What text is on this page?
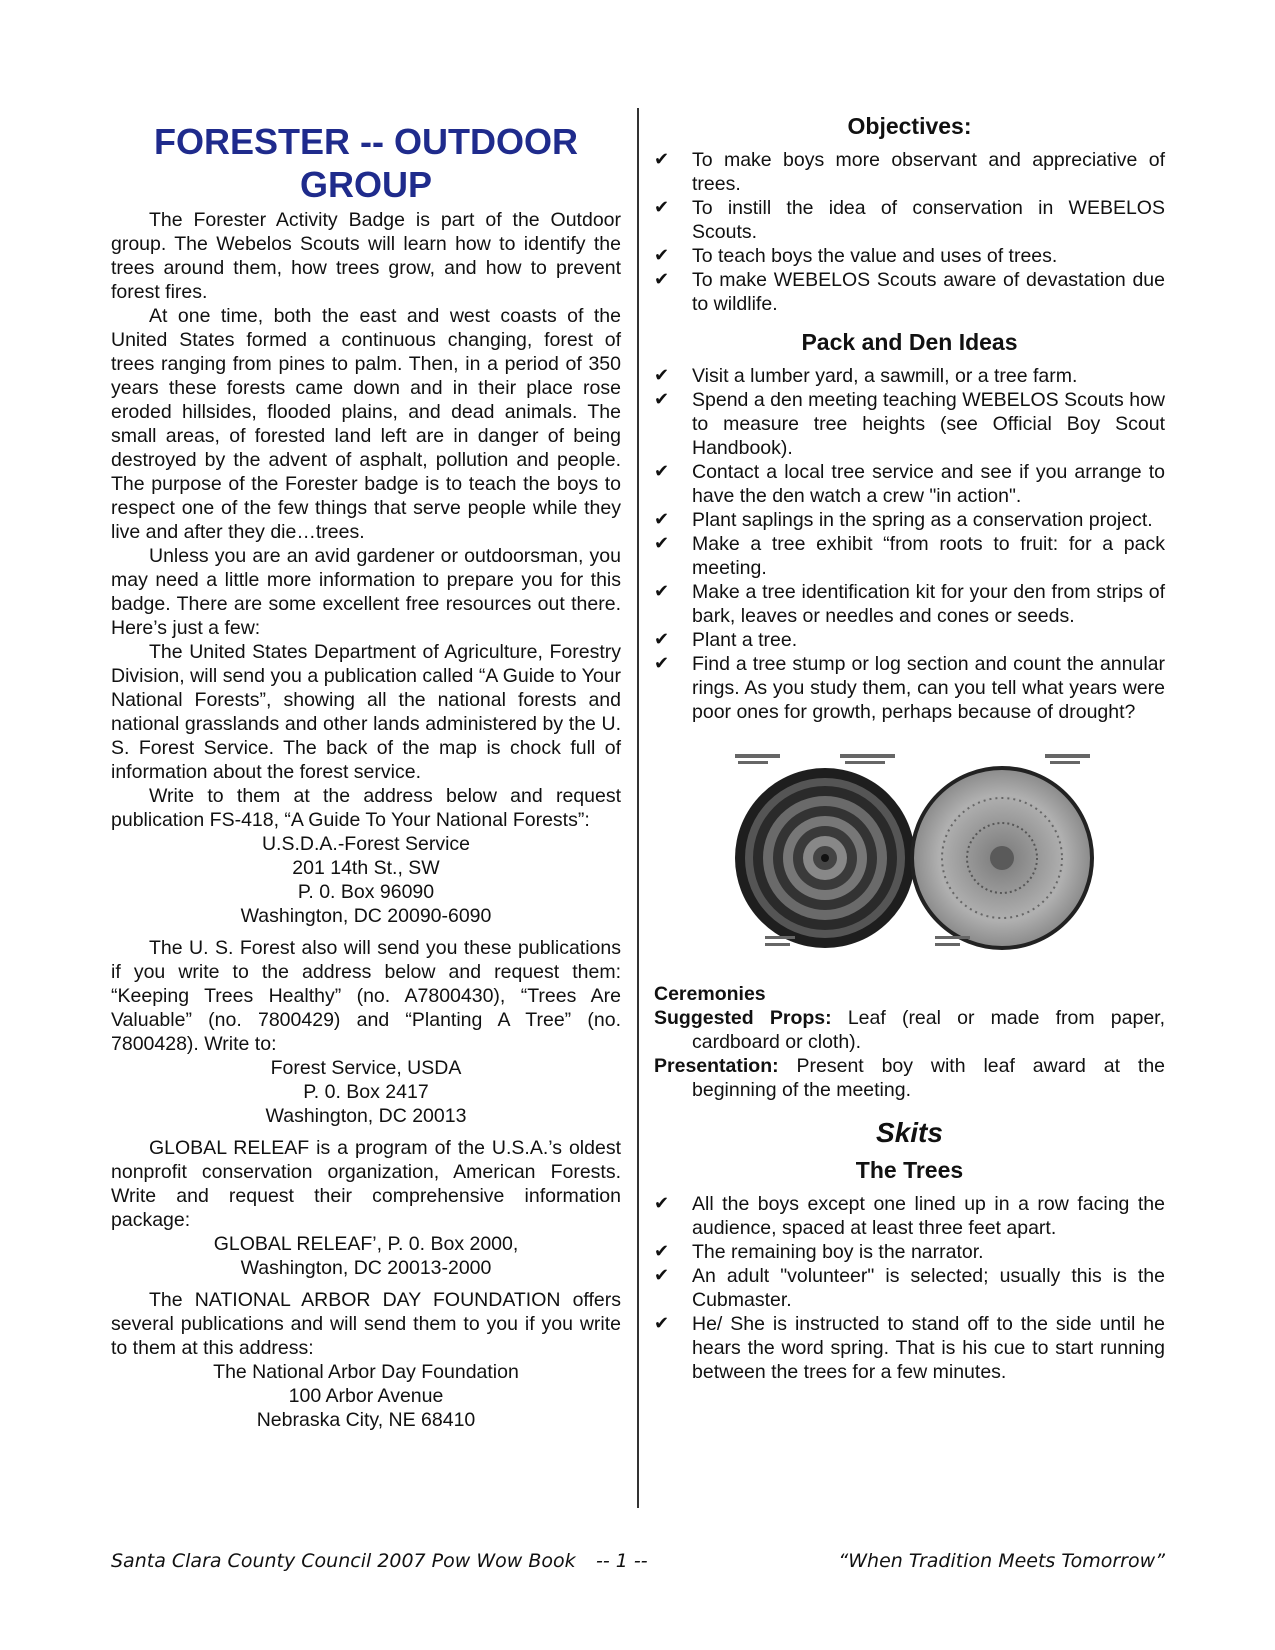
FORESTER -- OUTDOOR
GROUP

The Forester Activity Badge is part of the Outdoor group. The Webelos Scouts will learn how to identify the trees around them, how trees grow, and how to prevent forest fires.

At one time, both the east and west coasts of the United States formed a continuous changing, forest of trees ranging from pines to palm. Then, in a period of 350 years these forests came down and in their place rose eroded hillsides, flooded plains, and dead animals. The small areas, of forested land left are in danger of being destroyed by the advent of asphalt, pollution and people. The purpose of the Forester badge is to teach the boys to respect one of the few things that serve people while they live and after they die…trees.

Unless you are an avid gardener or outdoorsman, you may need a little more information to prepare you for this badge. There are some excellent free resources out there. Here’s just a few:

The United States Department of Agriculture, Forestry Division, will send you a publication called “A Guide to Your National Forests”, showing all the national forests and national grasslands and other lands administered by the U. S. Forest Service. The back of the map is chock full of information about the forest service.

Write to them at the address below and request publication FS-418, “A Guide To Your National Forests”:

U.S.D.A.-Forest Service
201 14th St., SW
P. 0. Box 96090
Washington, DC 20090-6090

The U. S. Forest also will send you these publications if you write to the address below and request them: “Keeping Trees Healthy” (no. A7800430), “Trees Are Valuable” (no. 7800429) and “Planting A Tree” (no. 7800428). Write to:

Forest Service, USDA
P. 0. Box 2417
Washington, DC 20013

GLOBAL RELEAF is a program of the U.S.A.’s oldest nonprofit conservation organization, American Forests. Write and request their comprehensive information package:

GLOBAL RELEAF’, P. 0. Box 2000,
Washington, DC 20013-2000

The NATIONAL ARBOR DAY FOUNDATION offers several publications and will send them to you if you write to them at this address:

The National Arbor Day Foundation
100 Arbor Avenue
Nebraska City, NE 68410
Objectives:
✔ To make boys more observant and appreciative of trees.
✔ To instill the idea of conservation in WEBELOS Scouts.
✔ To teach boys the value and uses of trees.
✔ To make WEBELOS Scouts aware of devastation due to wildlife.
Pack and Den Ideas
✔ Visit a lumber yard, a sawmill, or a tree farm.
✔ Spend a den meeting teaching WEBELOS Scouts how to measure tree heights (see Official Boy Scout Handbook).
✔ Contact a local tree service and see if you arrange to have the den watch a crew "in action".
✔ Plant saplings in the spring as a conservation project.
✔ Make a tree exhibit “from roots to fruit: for a pack meeting.
✔ Make a tree identification kit for your den from strips of bark, leaves or needles and cones or seeds.
✔ Plant a tree.
✔ Find a tree stump or log section and count the annular rings. As you study them, can you tell what years were poor ones for growth, perhaps because of drought?
Ceremonies
Suggested Props: Leaf (real or made from paper, cardboard or cloth).
Presentation: Present boy with leaf award at the beginning of the meeting.
Skits
The Trees
✔ All the boys except one lined up in a row facing the audience, spaced at least three feet apart.
✔ The remaining boy is the narrator.
✔ An adult "volunteer" is selected; usually this is the Cubmaster.
✔ He/ She is instructed to stand off to the side until he hears the word spring. That is his cue to start running between the trees for a few minutes.
Santa Clara County Council 2007 Pow Wow Book -- 1 --	“When Tradition Meets Tomorrow”
